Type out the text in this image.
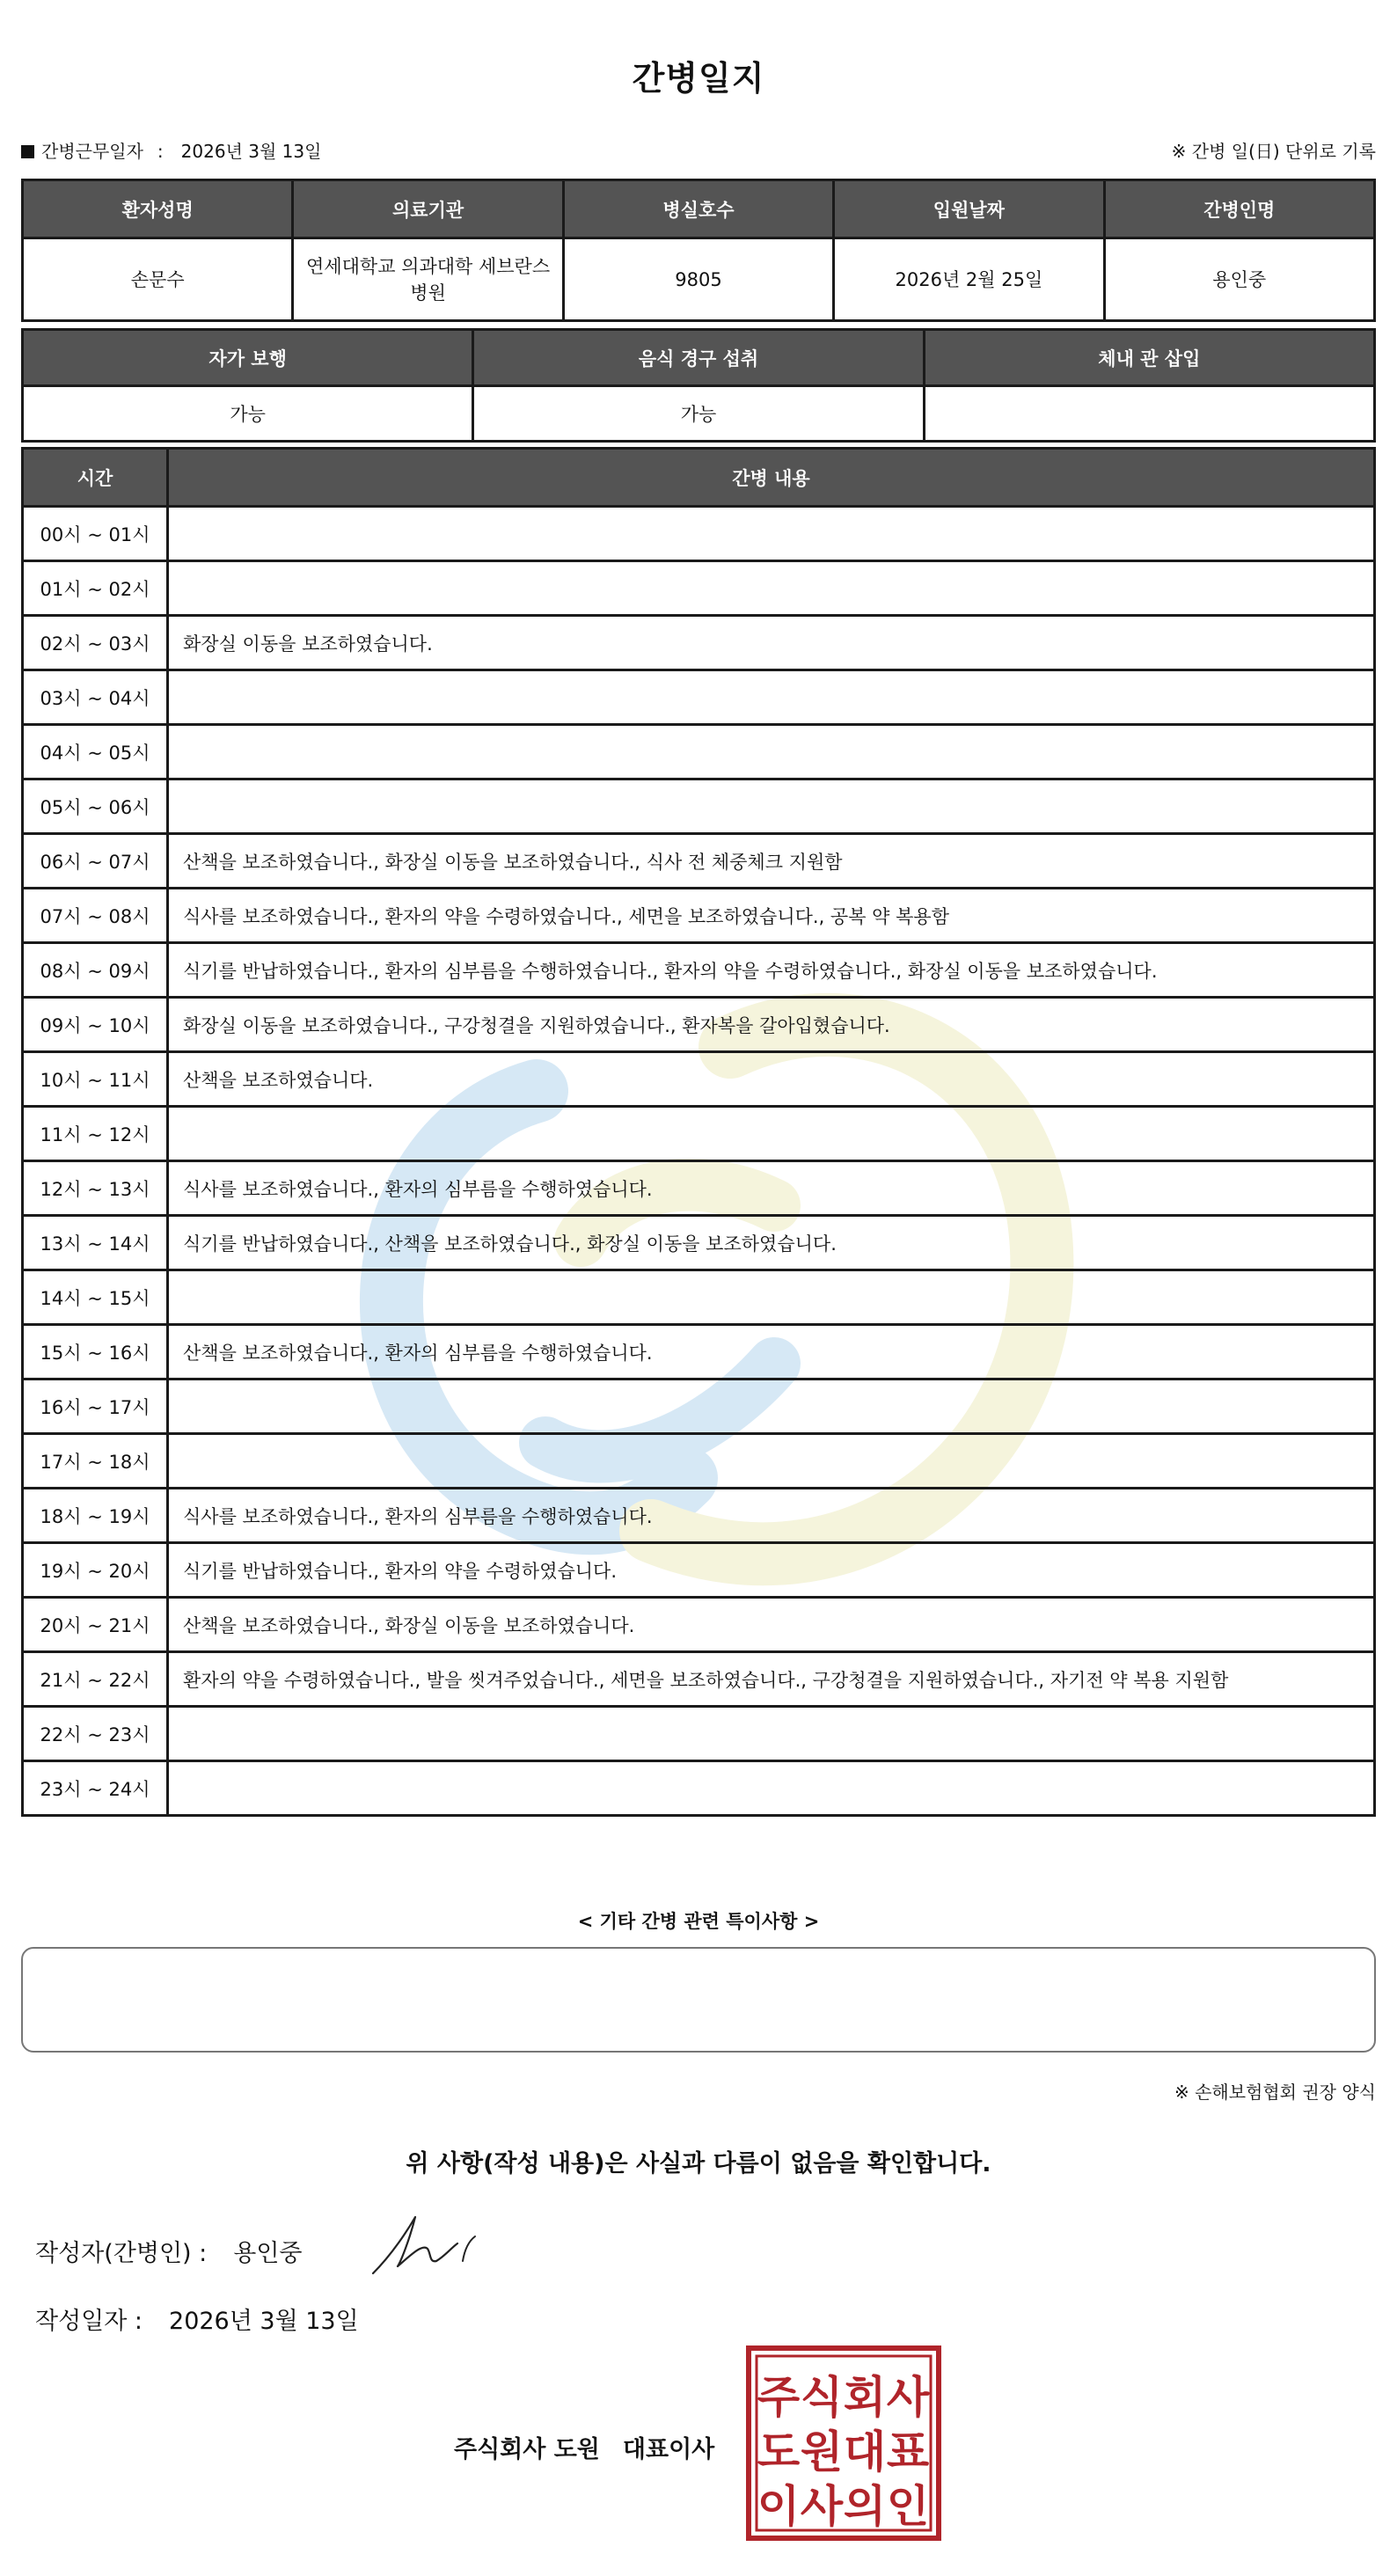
간병일지
간병근무일자 : 2026년 3월 13일	※ 간병 일(日) 단위로 기록
환자성명	의료기관	병실호수	입원날짜	간병인명
손문수	연세대학교 의과대학 세브란스병원	9805	2026년 2월 25일	용인중
자가 보행	음식 경구 섭취	체내 관 삽입
가능	가능	
시간	간병 내용
00시 ~ 01시	
01시 ~ 02시	
02시 ~ 03시	화장실 이동을 보조하였습니다.
03시 ~ 04시	
04시 ~ 05시	
05시 ~ 06시	
06시 ~ 07시	산책을 보조하였습니다., 화장실 이동을 보조하였습니다., 식사 전 체중체크 지원함
07시 ~ 08시	식사를 보조하였습니다., 환자의 약을 수령하였습니다., 세면을 보조하였습니다., 공복 약 복용함
08시 ~ 09시	식기를 반납하였습니다., 환자의 심부름을 수행하였습니다., 환자의 약을 수령하였습니다., 화장실 이동을 보조하였습니다.
09시 ~ 10시	화장실 이동을 보조하였습니다., 구강청결을 지원하였습니다., 환자복을 갈아입혔습니다.
10시 ~ 11시	산책을 보조하였습니다.
11시 ~ 12시	
12시 ~ 13시	식사를 보조하였습니다., 환자의 심부름을 수행하였습니다.
13시 ~ 14시	식기를 반납하였습니다., 산책을 보조하였습니다., 화장실 이동을 보조하였습니다.
14시 ~ 15시	
15시 ~ 16시	산책을 보조하였습니다., 환자의 심부름을 수행하였습니다.
16시 ~ 17시	
17시 ~ 18시	
18시 ~ 19시	식사를 보조하였습니다., 환자의 심부름을 수행하였습니다.
19시 ~ 20시	식기를 반납하였습니다., 환자의 약을 수령하였습니다.
20시 ~ 21시	산책을 보조하였습니다., 화장실 이동을 보조하였습니다.
21시 ~ 22시	환자의 약을 수령하였습니다., 발을 씻겨주었습니다., 세면을 보조하였습니다., 구강청결을 지원하였습니다., 자기전 약 복용 지원함
22시 ~ 23시	
23시 ~ 24시	
< 기타 간병 관련 특이사항 >
※ 손해보험협회 권장 양식
위 사항(작성 내용)은 사실과 다름이 없음을 확인합니다.
작성자(간병인) : 용인중
작성일자 : 2026년 3월 13일
주식회사 도원 대표이사
주 식 회 사
도 원 대 표
이 사 의 인
